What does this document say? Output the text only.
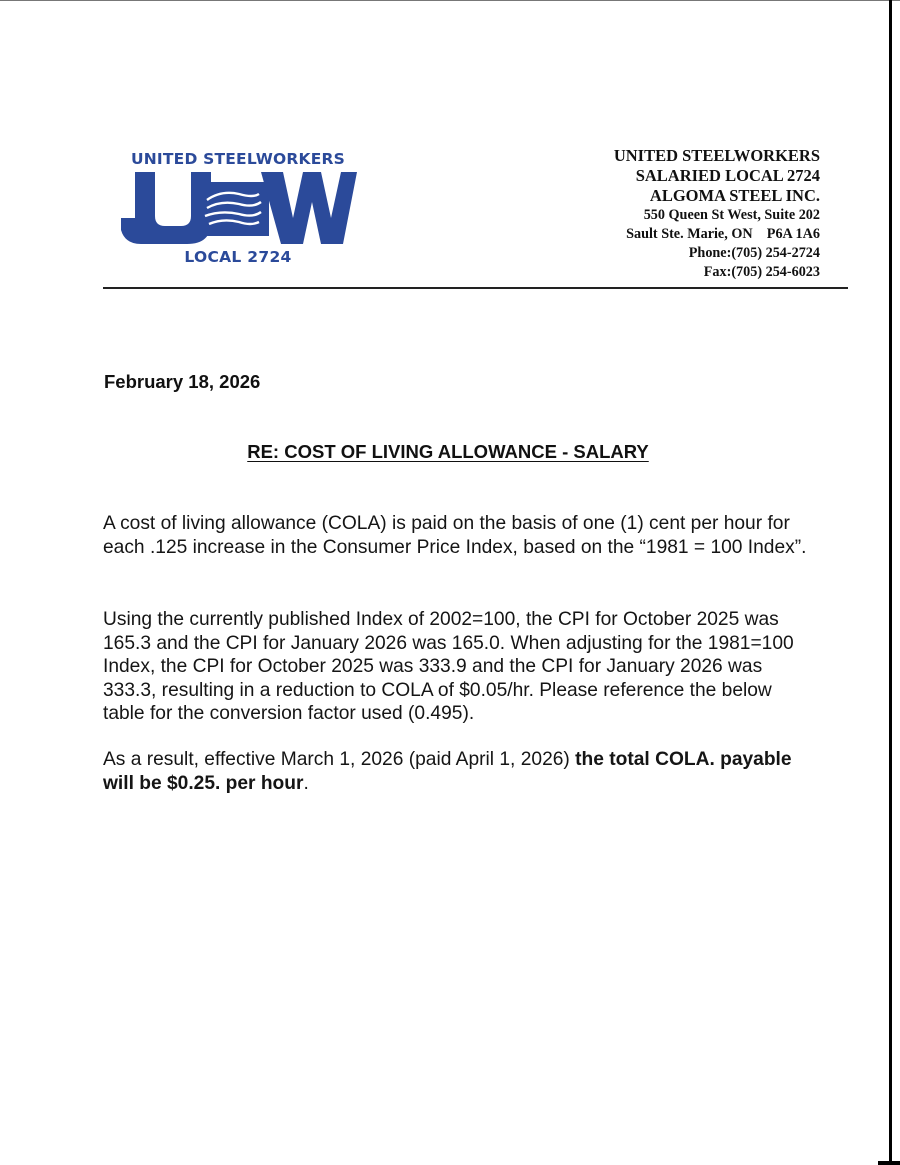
UNITED STEELWORKERS
LOCAL 2724
UNITED STEELWORKERS
SALARIED LOCAL 2724
ALGOMA STEEL INC.
550 Queen St West, Suite 202
Sault Ste. Marie, ON    P6A 1A6
Phone:(705) 254-2724
Fax:(705) 254-6023
February 18, 2026
RE: COST OF LIVING ALLOWANCE - SALARY
A cost of living allowance (COLA) is paid on the basis of one (1) cent per hour for each .125 increase in the Consumer Price Index, based on the “1981 = 100 Index”.
Using the currently published Index of 2002=100, the CPI for October 2025 was 165.3 and the CPI for January 2026 was 165.0. When adjusting for the 1981=100 Index, the CPI for October 2025 was 333.9 and the CPI for January 2026 was 333.3, resulting in a reduction to COLA of $0.05/hr. Please reference the below table for the conversion factor used (0.495).
As a result, effective March 1, 2026 (paid April 1, 2026) the total COLA. payable will be $0.25. per hour.
